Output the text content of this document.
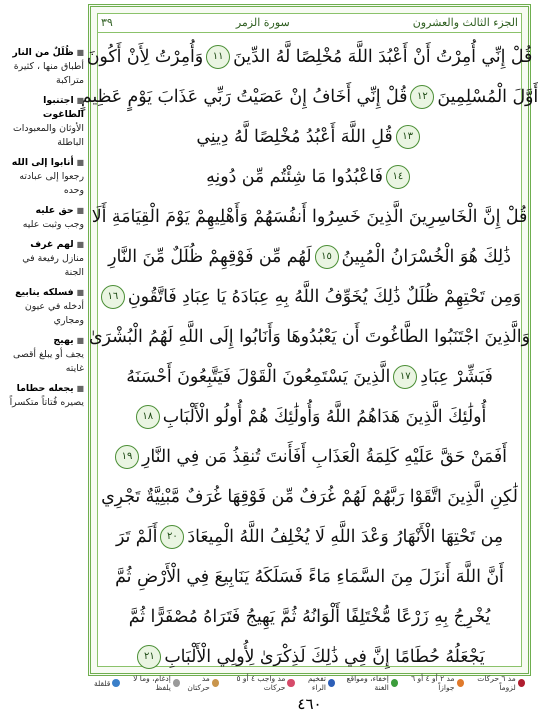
الجزء الثالث والعشرون
سورة الزمر
٣٩
قُلْ إِنِّي أُمِرْتُ أَنْ أَعْبُدَ اللَّهَ مُخْلِصًا لَّهُ الدِّينَ
١١
وَأُمِرْتُ لِأَنْ أَكُونَ
أَوَّلَ الْمُسْلِمِينَ
١٢
قُلْ إِنِّي أَخَافُ إِنْ عَصَيْتُ رَبِّي عَذَابَ يَوْمٍ عَظِيمٍ
١٣
قُلِ اللَّهَ أَعْبُدُ مُخْلِصًا لَّهُ دِينِي
١٤
فَاعْبُدُوا مَا شِئْتُم مِّن دُونِهِ
قُلْ إِنَّ الْخَاسِرِينَ الَّذِينَ خَسِرُوا أَنفُسَهُمْ وَأَهْلِيهِمْ يَوْمَ الْقِيَامَةِ أَلَا
ذَٰلِكَ هُوَ الْخُسْرَانُ الْمُبِينُ
١٥
لَهُم مِّن فَوْقِهِمْ ظُلَلٌ مِّنَ النَّارِ
وَمِن تَحْتِهِمْ ظُلَلٌ ذَٰلِكَ يُخَوِّفُ اللَّهُ بِهِ عِبَادَهُ يَا عِبَادِ فَاتَّقُونِ
١٦
وَالَّذِينَ اجْتَنَبُوا الطَّاغُوتَ أَن يَعْبُدُوهَا وَأَنَابُوا إِلَى اللَّهِ لَهُمُ الْبُشْرَىٰ
فَبَشِّرْ عِبَادِ
١٧
الَّذِينَ يَسْتَمِعُونَ الْقَوْلَ فَيَتَّبِعُونَ أَحْسَنَهُ
أُولَٰئِكَ الَّذِينَ هَدَاهُمُ اللَّهُ وَأُولَٰئِكَ هُمْ أُولُو الْأَلْبَابِ
١٨
أَفَمَنْ حَقَّ عَلَيْهِ كَلِمَةُ الْعَذَابِ أَفَأَنتَ تُنقِذُ مَن فِي النَّارِ
١٩
لَٰكِنِ الَّذِينَ اتَّقَوْا رَبَّهُمْ لَهُمْ غُرَفٌ مِّن فَوْقِهَا غُرَفٌ مَّبْنِيَّةٌ تَجْرِي
مِن تَحْتِهَا الْأَنْهَارُ وَعْدَ اللَّهِ لَا يُخْلِفُ اللَّهُ الْمِيعَادَ
٢٠
أَلَمْ تَرَ
أَنَّ اللَّهَ أَنزَلَ مِنَ السَّمَاءِ مَاءً فَسَلَكَهُ يَنَابِيعَ فِي الْأَرْضِ ثُمَّ
يُخْرِجُ بِهِ زَرْعًا مُّخْتَلِفًا أَلْوَانُهُ ثُمَّ يَهِيجُ فَتَرَاهُ مُصْفَرًّا ثُمَّ
يَجْعَلُهُ حُطَامًا إِنَّ فِي ذَٰلِكَ لَذِكْرَىٰ لِأُولِي الْأَلْبَابِ
٢١
■ ظُلَلٌ من النار
أطباق منها ، كثيرة متراكبة
■ اجتنبوا الطاغوت
الأوثان والمعبودات الباطلة
■ أنابوا إلى الله
رجعوا إلى عبادته وحده
■ حق عليه
وجب وثبت عليه
■ لهم غرف
منازل رفيعة في الجنة
■ فسلكه ينابيع
أدخله في عيون ومجاري
■ يهيج
يجف أو يبلغ أقصى غايته
■ يجعله حطاما
يصيره فُتاتاً متكسراً
مد ٦ حركات لزوماً
مد ٢ أو ٤ أو ٦ جوازاً
إخفاء، ومواقع الغنة
تفخيم الراء
مد واجب ٤ أو ٥ حركات
مد حركتان
إدغام، وما لا يلفظ
قلقلة
٤٦٠
